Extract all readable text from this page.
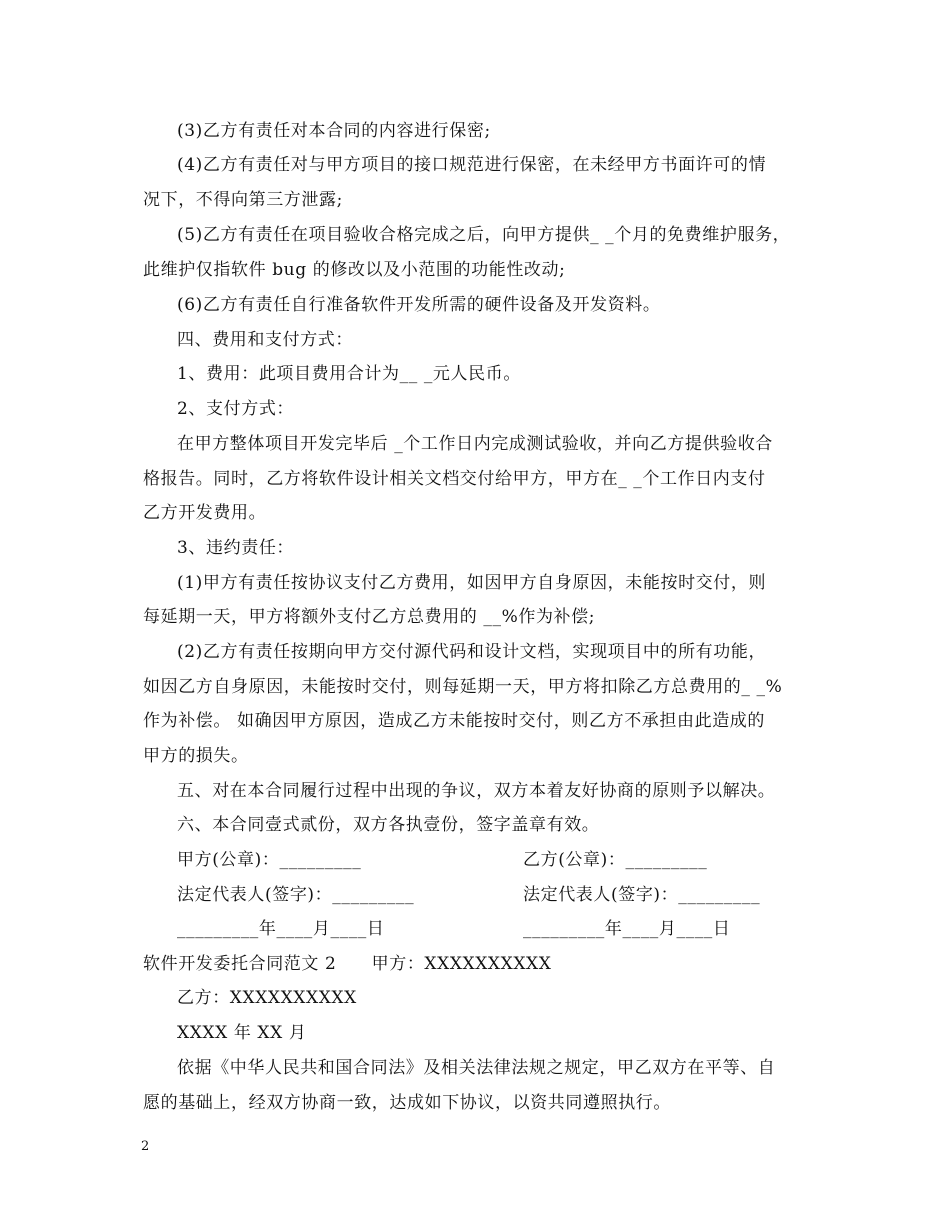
(3)乙方有责任对本合同的内容进行保密;
(4)乙方有责任对与甲方项目的接口规范进行保密，在未经甲方书面许可的情
况下，不得向第三方泄露;
(5)乙方有责任在项目验收合格完成之后，向甲方提供_ _个月的免费维护服务，
此维护仅指软件 bug 的修改以及小范围的功能性改动;
(6)乙方有责任自行准备软件开发所需的硬件设备及开发资料。
四、费用和支付方式：
1、费用：此项目费用合计为__ _元人民币。
2、支付方式：
在甲方整体项目开发完毕后 _个工作日内完成测试验收，并向乙方提供验收合
格报告。同时，乙方将软件设计相关文档交付给甲方，甲方在_ _个工作日内支付
乙方开发费用。
3、违约责任：
(1)甲方有责任按协议支付乙方费用，如因甲方自身原因，未能按时交付，则
每延期一天，甲方将额外支付乙方总费用的 __%作为补偿;
(2)乙方有责任按期向甲方交付源代码和设计文档，实现项目中的所有功能，
如因乙方自身原因，未能按时交付，则每延期一天，甲方将扣除乙方总费用的_ _%
作为补偿。 如确因甲方原因，造成乙方未能按时交付，则乙方不承担由此造成的
甲方的损失。
五、对在本合同履行过程中出现的争议，双方本着友好协商的原则予以解决。
六、本合同壹式贰份，双方各执壹份，签字盖章有效。
甲方(公章)：_________	乙方(公章)：_________
法定代表人(签字)：_________	法定代表人(签字)：_________
_________年____月____日	_________年____月____日
软件开发委托合同范文 2　　甲方：XXXXXXXXXX
乙方：XXXXXXXXXX
XXXX 年 XX 月
依据《中华人民共和国合同法》及相关法律法规之规定，甲乙双方在平等、自
愿的基础上，经双方协商一致，达成如下协议，以资共同遵照执行。
2
